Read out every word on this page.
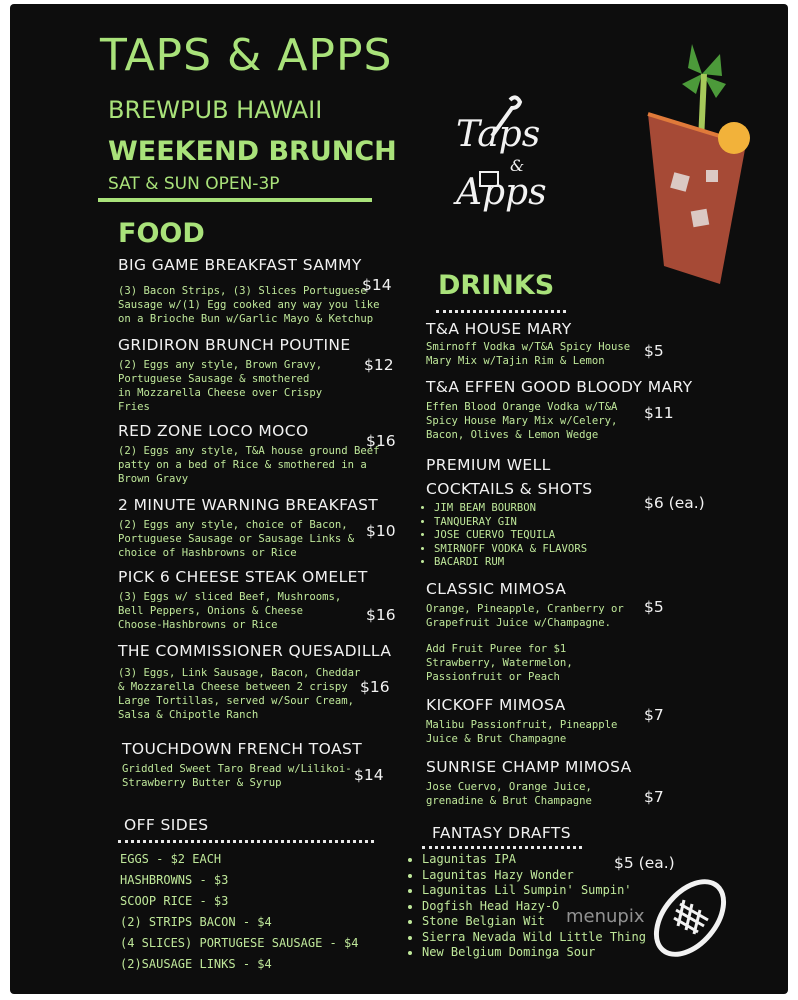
TAPS & APPS
BREWPUB HAWAII
WEEKEND BRUNCH
SAT & SUN OPEN-3P
Taps
&
Apps
FOOD
BIG GAME BREAKFAST SAMMY
(3) Bacon Strips, (3) Slices Portuguese
Sausage w/(1) Egg cooked any way you like
on a Brioche Bun w/Garlic Mayo & Ketchup
$14
GRIDIRON BRUNCH POUTINE
(2) Eggs any style, Brown Gravy,
Portuguese Sausage & smothered
in Mozzarella Cheese over Crispy
Fries
$12
RED ZONE LOCO MOCO
(2) Eggs any style, T&A house ground Beef
patty on a bed of Rice & smothered in a
Brown Gravy
$16
2 MINUTE WARNING BREAKFAST
(2) Eggs any style, choice of Bacon,
Portuguese Sausage or Sausage Links &
choice of Hashbrowns or Rice
$10
PICK 6 CHEESE STEAK OMELET
(3) Eggs w/ sliced Beef, Mushrooms,
Bell Peppers, Onions & Cheese
Choose-Hashbrowns or Rice
$16
THE COMMISSIONER QUESADILLA
(3) Eggs, Link Sausage, Bacon, Cheddar
& Mozzarella Cheese between 2 crispy
Large Tortillas, served w/Sour Cream,
Salsa & Chipotle Ranch
$16
TOUCHDOWN FRENCH TOAST
Griddled Sweet Taro Bread w/Lilikoi-
Strawberry Butter & Syrup	$14
OFF SIDES
EGGS - $2 EACH
HASHBROWNS - $3
SCOOP RICE - $3
(2) STRIPS BACON - $4
(4 SLICES) PORTUGESE SAUSAGE - $4
(2)SAUSAGE LINKS - $4
DRINKS
T&A HOUSE MARY
Smirnoff Vodka w/T&A Spicy House
Mary Mix w/Tajin Rim & Lemon
$5
T&A EFFEN GOOD BLOODY MARY
Effen Blood Orange Vodka w/T&A
Spicy House Mary Mix w/Celery,
Bacon, Olives & Lemon Wedge
$11
PREMIUM WELL
COCKTAILS & SHOTS
$6 (ea.)
• JIM BEAM BOURBON
• TANQUERAY GIN
• JOSE CUERVO TEQUILA
• SMIRNOFF VODKA & FLAVORS
• BACARDI RUM
CLASSIC MIMOSA
Orange, Pineapple, Cranberry or
Grapefruit Juice w/Champagne.
$5
Add Fruit Puree for $1
Strawberry, Watermelon,
Passionfruit or Peach
KICKOFF MIMOSA
Malibu Passionfruit, Pineapple
Juice & Brut Champagne
$7
SUNRISE CHAMP MIMOSA
Jose Cuervo, Orange Juice,
grenadine & Brut Champagne	$7
FANTASY DRAFTS
$5 (ea.)
• Lagunitas IPA
• Lagunitas Hazy Wonder
• Lagunitas Lil Sumpin' Sumpin'
• Dogfish Head Hazy-O
• Stone Belgian Wit
• Sierra Nevada Wild Little Thing
• New Belgium Dominga Sour
menupix
